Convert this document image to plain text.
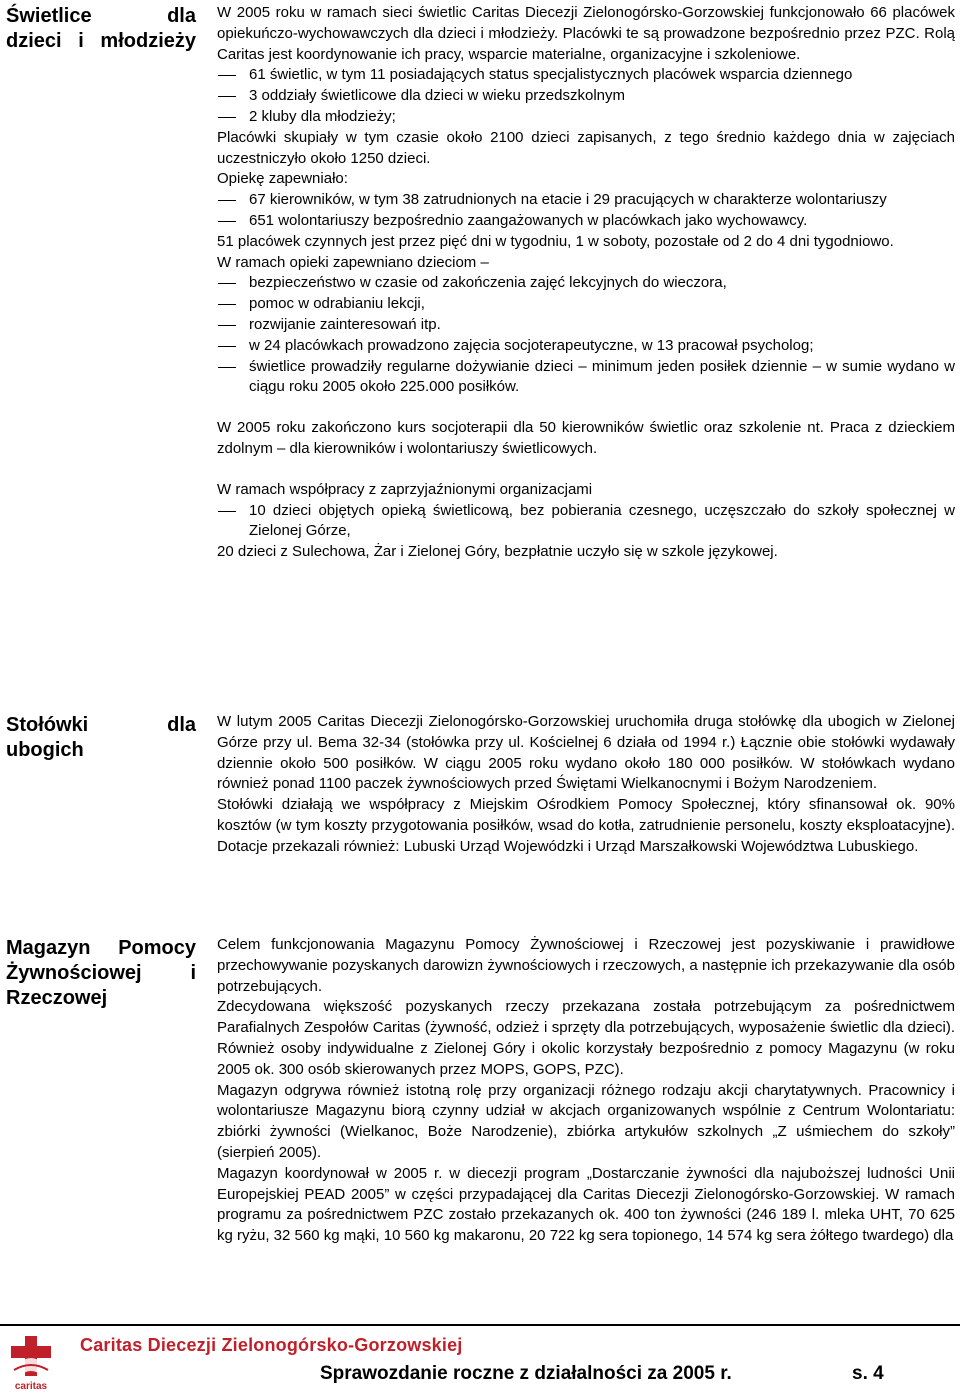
Świetlice dla
dzieci i młodzieży

W 2005 roku w ramach sieci świetlic Caritas Diecezji Zielonogórsko-Gorzowskiej funkcjonowało 66 placówek opiekuńczo-wychowawczych dla dzieci i młodzieży. Placówki te są prowadzone bezpośrednio przez PZC. Rolą Caritas jest koordynowanie ich pracy, wsparcie materialne, organizacyjne i szkoleniowe.

61 świetlic, w tym 11 posiadających status specjalistycznych placówek wsparcia dziennego

3 oddziały świetlicowe dla dzieci w wieku przedszkolnym

2 kluby dla młodzieży;

Placówki skupiały w tym czasie około 2100 dzieci zapisanych, z tego średnio każdego dnia w zajęciach uczestniczyło około 1250 dzieci.

Opiekę zapewniało:

67 kierowników, w tym 38 zatrudnionych na etacie i 29 pracujących w charakterze wolontariuszy

651 wolontariuszy bezpośrednio zaangażowanych w placówkach jako wychowawcy.

51 placówek czynnych jest przez pięć dni w tygodniu, 1 w soboty, pozostałe od 2 do 4 dni tygodniowo.

W ramach opieki zapewniano dzieciom –

bezpieczeństwo w czasie od zakończenia zajęć lekcyjnych do wieczora,

pomoc w odrabianiu lekcji,

rozwijanie zainteresowań itp.

w 24 placówkach prowadzono zajęcia socjoterapeutyczne, w 13 pracował psycholog;

świetlice prowadziły regularne dożywianie dzieci – minimum jeden posiłek dziennie – w sumie wydano w ciągu roku 2005 około 225.000 posiłków.

W 2005 roku zakończono kurs socjoterapii dla 50 kierowników świetlic oraz szkolenie nt. Praca z dzieckiem zdolnym – dla kierowników i wolontariuszy świetlicowych.

W ramach współpracy z zaprzyjaźnionymi organizacjami

10 dzieci objętych opieką świetlicową, bez pobierania czesnego, uczęszczało do szkoły społecznej w Zielonej Górze,

20 dzieci z Sulechowa, Żar i Zielonej Góry, bezpłatnie uczyło się w szkole językowej.

Stołówki dla
ubogich

W lutym 2005 Caritas Diecezji Zielonogórsko-Gorzowskiej uruchomiła druga stołówkę dla ubogich w Zielonej Górze przy ul. Bema 32-34 (stołówka przy ul. Kościelnej 6 działa od 1994 r.) Łącznie obie stołówki wydawały dziennie około 500 posiłków. W ciągu 2005 roku wydano około 180 000 posiłków. W stołówkach wydano również ponad 1100 paczek żywnościowych przed Świętami Wielkanocnymi i Bożym Narodzeniem.

Stołówki działają we współpracy z Miejskim Ośrodkiem Pomocy Społecznej, który sfinansował ok. 90% kosztów (w tym koszty przygotowania posiłków, wsad do kotła, zatrudnienie personelu, koszty eksploatacyjne). Dotacje przekazali również: Lubuski Urząd Wojewódzki i Urząd Marszałkowski Województwa Lubuskiego.

Magazyn Pomocy
Żywnościowej i
Rzeczowej

Celem funkcjonowania Magazynu Pomocy Żywnościowej i Rzeczowej jest pozyskiwanie i prawidłowe przechowywanie pozyskanych darowizn żywnościowych i rzeczowych, a następnie ich przekazywanie dla osób potrzebujących.

Zdecydowana większość pozyskanych rzeczy przekazana została potrzebującym za pośrednictwem Parafialnych Zespołów Caritas (żywność, odzież i sprzęty dla potrzebujących, wyposażenie świetlic dla dzieci). Również osoby indywidualne z Zielonej Góry i okolic korzystały bezpośrednio z pomocy Magazynu (w roku 2005 ok. 300 osób skierowanych przez MOPS, GOPS, PZC).

Magazyn odgrywa również istotną rolę przy organizacji różnego rodzaju akcji charytatywnych. Pracownicy i wolontariusze Magazynu biorą czynny udział w akcjach organizowanych wspólnie z Centrum Wolontariatu: zbiórki żywności (Wielkanoc, Boże Narodzenie), zbiórka artykułów szkolnych „Z uśmiechem do szkoły” (sierpień 2005).

Magazyn koordynował w 2005 r. w diecezji program „Dostarczanie żywności dla najuboższej ludności Unii Europejskiej PEAD 2005” w części przypadającej dla Caritas Diecezji Zielonogórsko-Gorzowskiej. W ramach programu za pośrednictwem PZC zostało przekazanych ok. 400 ton żywności (246 189 l. mleka UHT, 70 625 kg ryżu, 32 560 kg mąki, 10 560 kg makaronu, 20 722 kg sera topionego, 14 574 kg sera żółtego twardego) dla

caritas
Caritas Diecezji Zielonogórsko-Gorzowskiej
Sprawozdanie roczne z działalności za 2005 r.	s. 4
